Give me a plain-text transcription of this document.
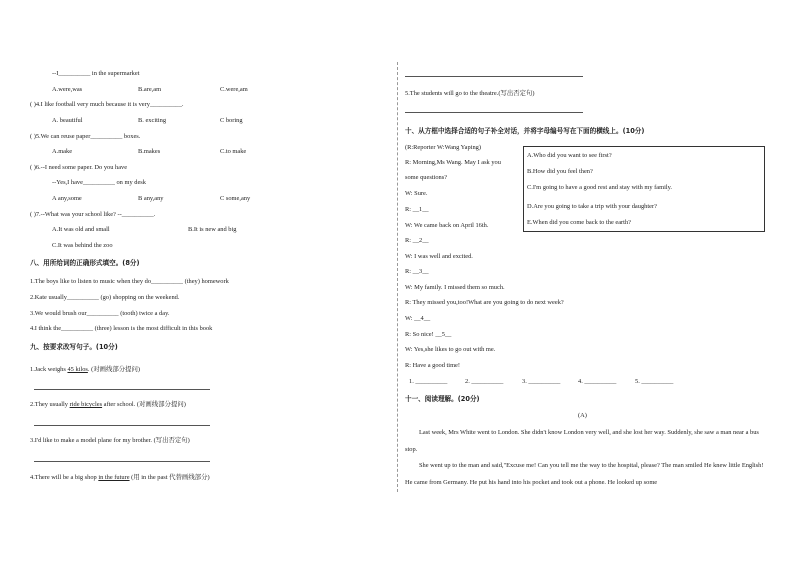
--I__________ in the supermarket
A.were,was	B.are,am	C.were,am
( )4.I like football very much because it is very__________.
A. beautiful	B. exciting	C boring
( )5.We can reuse paper__________ boxes.
A.make	B.makes	C.to make
( )6.--I need some paper. Do you have
--Yes,I have__________ on my desk
A any,some	B any,any	C some,any
( )7.--What was your school like? --__________.
A.It was old and small	B.It is new and big
C.It was behind the zoo
八、用所给词的正确形式填空。(8分)
1.The boys like to listen to music when they do__________ (they) homework
2.Kate usually__________ (go) shopping on the weekend.
3.We would brush our__________ (tooth) twice a day.
4.I think the__________ (three) lesson is the most difficult in this book
九、按要求改写句子。(10分)
1.Jack weighs 45 kilos. (对画线部分提问)
2.They usually ride bicycles after school. (对画线部分提问)
3.I'd like to make a model plane for my brother. (写出否定句)
4.There will be a big shop in the future (用 in the past 代替画线部分)
5.The students will go to the theatre.(写出否定句)
十、从方框中选择合适的句子补全对话，并将字母编号写在下面的横线上。(10分)
(R:Reporter W:Wang Yaping)
R: Morning,Ms Wang. May I ask you
some questions?
W: Sure.
R: __1__
W: We came back on April 16th.
R: __2__
W: I was well and excited.
R: __3__
W: My family. I missed them so much.
R: They missed you,too!What are you going to do next week?
W: __4__
R: So nice! __5__
W: Yes,she likes to go out with me.
R: Have a good time!
A.Who did you want to see first?
B.How did you feel then?
C.I'm going to have a good rest and stay with my family.
D.Are you going to take a trip with your daughter?
E.When did you come back to the earth?
1. __________	2. __________	3. __________	4. __________	5. __________
十一、阅读理解。(20分)
(A)
Last week, Mrs White went to London. She didn't know London very well, and she lost her way. Suddenly, she saw a man near a bus stop.
She went up to the man and said,"Excuse me! Can you tell me the way to the hospital, please? The man smiled He knew little English! He came from Germany. He put his hand into his pocket and took out a phone. He looked up some
